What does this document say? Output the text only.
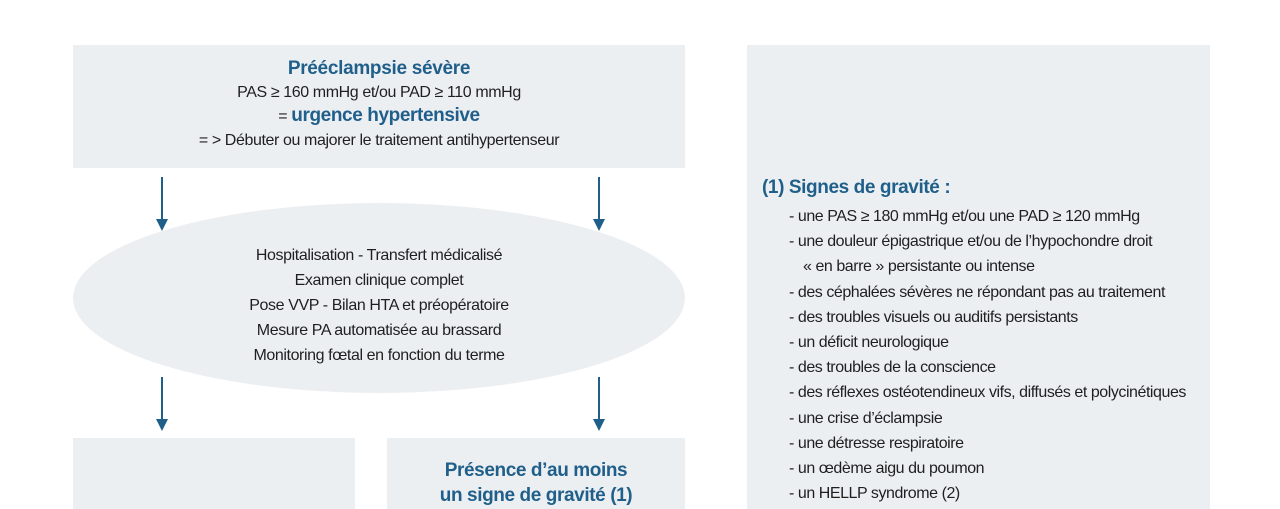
Prééclampsie sévère
PAS ≥ 160 mmHg et/ou PAD ≥ 110 mmHg
= urgence hypertensive
= > Débuter ou majorer le traitement antihypertenseur
Hospitalisation - Transfert médicalisé
Examen clinique complet
Pose VVP - Bilan HTA et préopératoire
Mesure PA automatisée au brassard
Monitoring fœtal en fonction du terme
Présence d’au moins
un signe de gravité (1)
(1) Signes de gravité :
- une PAS ≥ 180 mmHg et/ou une PAD ≥ 120 mmHg
- une douleur épigastrique et/ou de l’hypochondre droit
« en barre » persistante ou intense
- des céphalées sévères ne répondant pas au traitement
- des troubles visuels ou auditifs persistants
- un déficit neurologique
- des troubles de la conscience
- des réflexes ostéotendineux vifs, diffusés et polycinétiques
- une crise d’éclampsie
- une détresse respiratoire
- un œdème aigu du poumon
- un HELLP syndrome (2)
